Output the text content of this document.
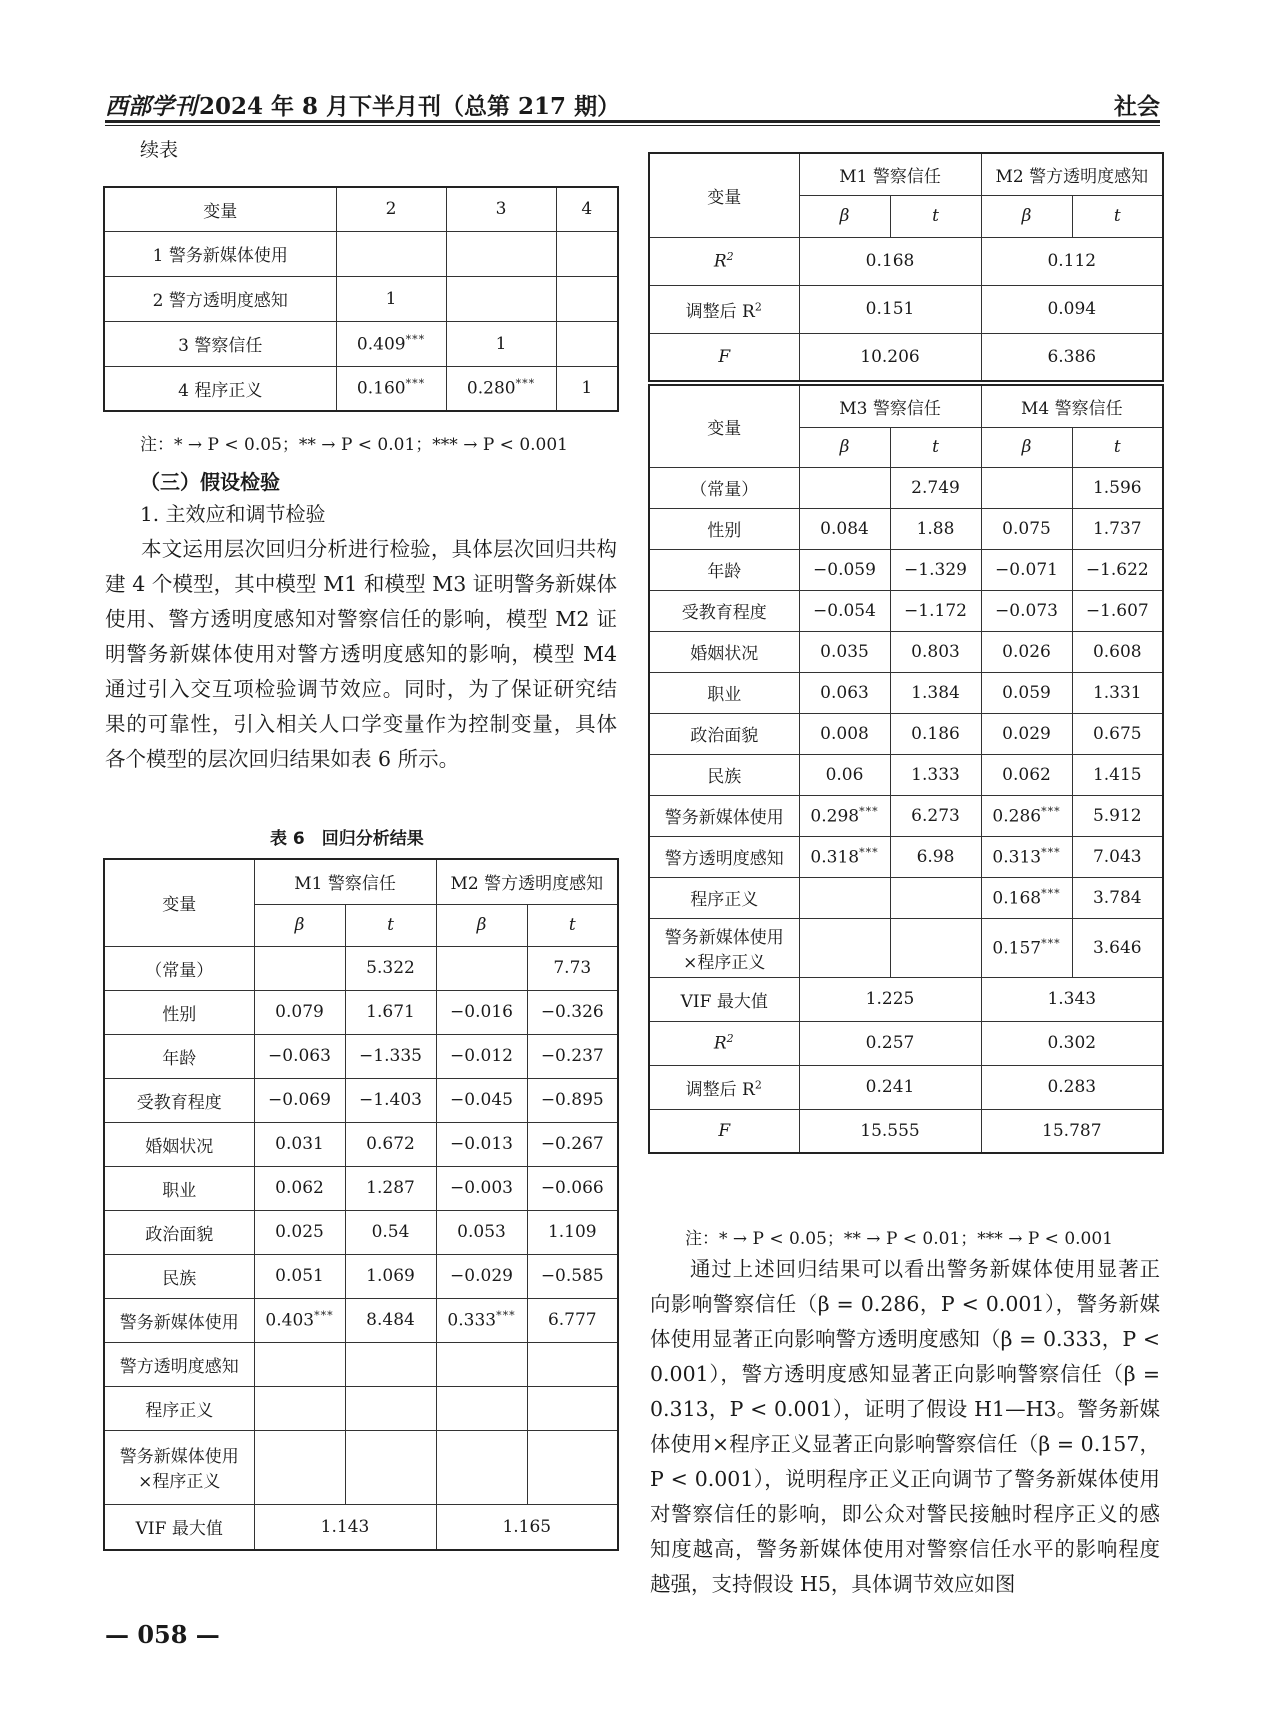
西部学刊2024 年 8 月下半月刊（总第 217 期）	社会
续表
变量	2	3	4
1 警务新媒体使用			
2 警方透明度感知	1		
3 警察信任	0.409***	1	
4 程序正义	0.160***	0.280***	1
注：* → P < 0.05；** → P < 0.01；*** → P < 0.001
（三）假设检验
1. 主效应和调节检验
本文运用层次回归分析进行检验，具体层次回归共构建 4 个模型，其中模型 M1 和模型 M3 证明警务新媒体使用、警方透明度感知对警察信任的影响，模型 M2 证明警务新媒体使用对警方透明度感知的影响，模型 M4 通过引入交互项检验调节效应。同时，为了保证研究结果的可靠性，引入相关人口学变量作为控制变量，具体各个模型的层次回归结果如表 6 所示。
表 6　回归分析结果
变量	M1 警察信任		M2 警方透明度感知	
	β	t	β	t
（常量）		5.322		7.73
性别	0.079	1.671	−0.016	−0.326
年龄	−0.063	−1.335	−0.012	−0.237
受教育程度	−0.069	−1.403	−0.045	−0.895
婚姻状况	0.031	0.672	−0.013	−0.267
职业	0.062	1.287	−0.003	−0.066
政治面貌	0.025	0.54	0.053	1.109
民族	0.051	1.069	−0.029	−0.585
警务新媒体使用	0.403***	8.484	0.333***	6.777
警方透明度感知				
程序正义				
警务新媒体使用
×程序正义				
VIF 最大值	1.143		1.165	
变量	M1 警察信任		M2 警方透明度感知	
	β	t	β	t
$R^2$	0.168		0.112	
调整后 $R^2$	0.151		0.094	
F	10.206		6.386	
变量	M3 警察信任		M4 警察信任	
	β	t	β	t
（常量）		2.749		1.596
性别	0.084	1.88	0.075	1.737
年龄	−0.059	−1.329	−0.071	−1.622
受教育程度	−0.054	−1.172	−0.073	−1.607
婚姻状况	0.035	0.803	0.026	0.608
职业	0.063	1.384	0.059	1.331
政治面貌	0.008	0.186	0.029	0.675
民族	0.06	1.333	0.062	1.415
警务新媒体使用	0.298***	6.273	0.286***	5.912
警方透明度感知	0.318***	6.98	0.313***	7.043
程序正义			0.168***	3.784
警务新媒体使用
×程序正义			0.157***	3.646
VIF 最大值	1.225		1.343	
$R^2$	0.257		0.302	
调整后 $R^2$	0.241		0.283	
F	15.555		15.787	
注：* → P < 0.05；** → P < 0.01；*** → P < 0.001
通过上述回归结果可以看出警务新媒体使用显著正向影响警察信任（β = 0.286，P < 0.001），警务新媒体使用显著正向影响警方透明度感知（β = 0.333，P < 0.001），警方透明度感知显著正向影响警察信任（β = 0.313，P < 0.001），证明了假设 H1—H3。警务新媒体使用×程序正义显著正向影响警察信任（β = 0.157，P < 0.001），说明程序正义正向调节了警务新媒体使用对警察信任的影响，即公众对警民接触时程序正义的感知度越高，警务新媒体使用对警察信任水平的影响程度越强，支持假设 H5，具体调节效应如图
— 058 —
